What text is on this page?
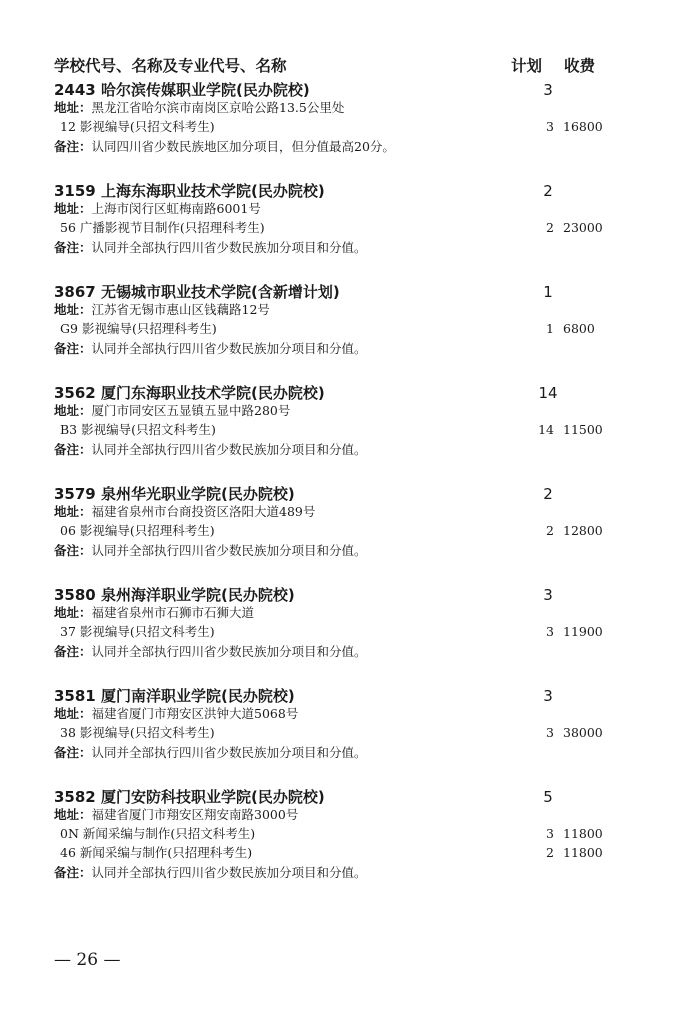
学校代号、名称及专业代号、名称	计划 收费
2443 哈尔滨传媒职业学院(民办院校)	3
地址：黑龙江省哈尔滨市南岗区京哈公路13.5公里处
12 影视编导(只招文科考生)	3 16800
备注：认同四川省少数民族地区加分项目，但分值最高20分。
3159 上海东海职业技术学院(民办院校)	2
地址：上海市闵行区虹梅南路6001号
56 广播影视节目制作(只招理科考生)	2 23000
备注：认同并全部执行四川省少数民族加分项目和分值。
3867 无锡城市职业技术学院(含新增计划)	1
地址：江苏省无锡市惠山区钱藕路12号
G9 影视编导(只招理科考生)	1 6800
备注：认同并全部执行四川省少数民族加分项目和分值。
3562 厦门东海职业技术学院(民办院校)	14
地址：厦门市同安区五显镇五显中路280号
B3 影视编导(只招文科考生)	14 11500
备注：认同并全部执行四川省少数民族加分项目和分值。
3579 泉州华光职业学院(民办院校)	2
地址：福建省泉州市台商投资区洛阳大道489号
06 影视编导(只招理科考生)	2 12800
备注：认同并全部执行四川省少数民族加分项目和分值。
3580 泉州海洋职业学院(民办院校)	3
地址：福建省泉州市石狮市石狮大道
37 影视编导(只招文科考生)	3 11900
备注：认同并全部执行四川省少数民族加分项目和分值。
3581 厦门南洋职业学院(民办院校)	3
地址：福建省厦门市翔安区洪钟大道5068号
38 影视编导(只招文科考生)	3 38000
备注：认同并全部执行四川省少数民族加分项目和分值。
3582 厦门安防科技职业学院(民办院校)	5
地址：福建省厦门市翔安区翔安南路3000号
0N 新闻采编与制作(只招文科考生)	3 11800
46 新闻采编与制作(只招理科考生)	2 11800
备注：认同并全部执行四川省少数民族加分项目和分值。
— 26 —
